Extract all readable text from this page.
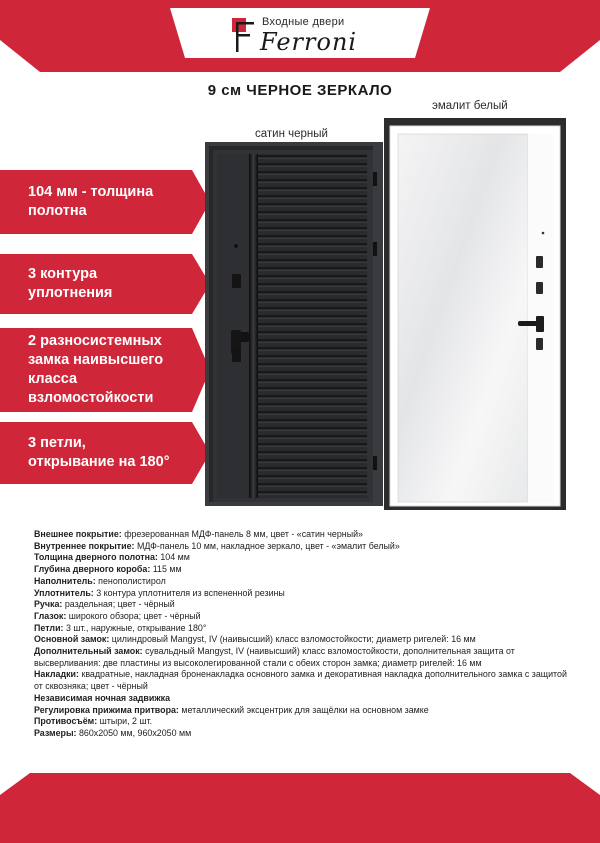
Входные двери
Ferroni
9 см ЧЕРНОЕ ЗЕРКАЛО
эмалит белый
сатин черный
104 мм - толщина
полотна
3 контура
уплотнения
2 разносистемных
замка наивысшего
класса
взломостойкости
3 петли,
открывание на 180°
Внешнее покрытие: фрезерованная МДФ-панель 8 мм, цвет - «сатин черный»
Внутреннее покрытие: МДФ-панель 10 мм, накладное зеркало, цвет - «эмалит белый»
Толщина дверного полотна: 104 мм
Глубина дверного короба: 115 мм
Наполнитель: пенополистирол
Уплотнитель: 3 контура уплотнителя из вспененной резины
Ручка: раздельная; цвет - чёрный
Глазок: широкого обзора; цвет - чёрный
Петли: 3 шт., наружные, открывание 180°
Основной замок: цилиндровый Mangyst, IV (наивысший) класс взломостойкости; диаметр ригелей: 16 мм
Дополнительный замок: сувальдный Mangyst, IV (наивысший) класс взломостойкости, дополнительная защита от высверливания: две пластины из высоколегированной стали с обеих сторон замка; диаметр ригелей: 16 мм
Накладки: квадратные, накладная броненакладка основного замка и декоративная накладка дополнительного замка с защитой от сквозняка; цвет - чёрный
Независимая ночная задвижка
Регулировка прижима притвора: металлический эксцентрик для защёлки на основном замке
Противосъём: штыри, 2 шт.
Размеры: 860x2050 мм, 960x2050 мм
